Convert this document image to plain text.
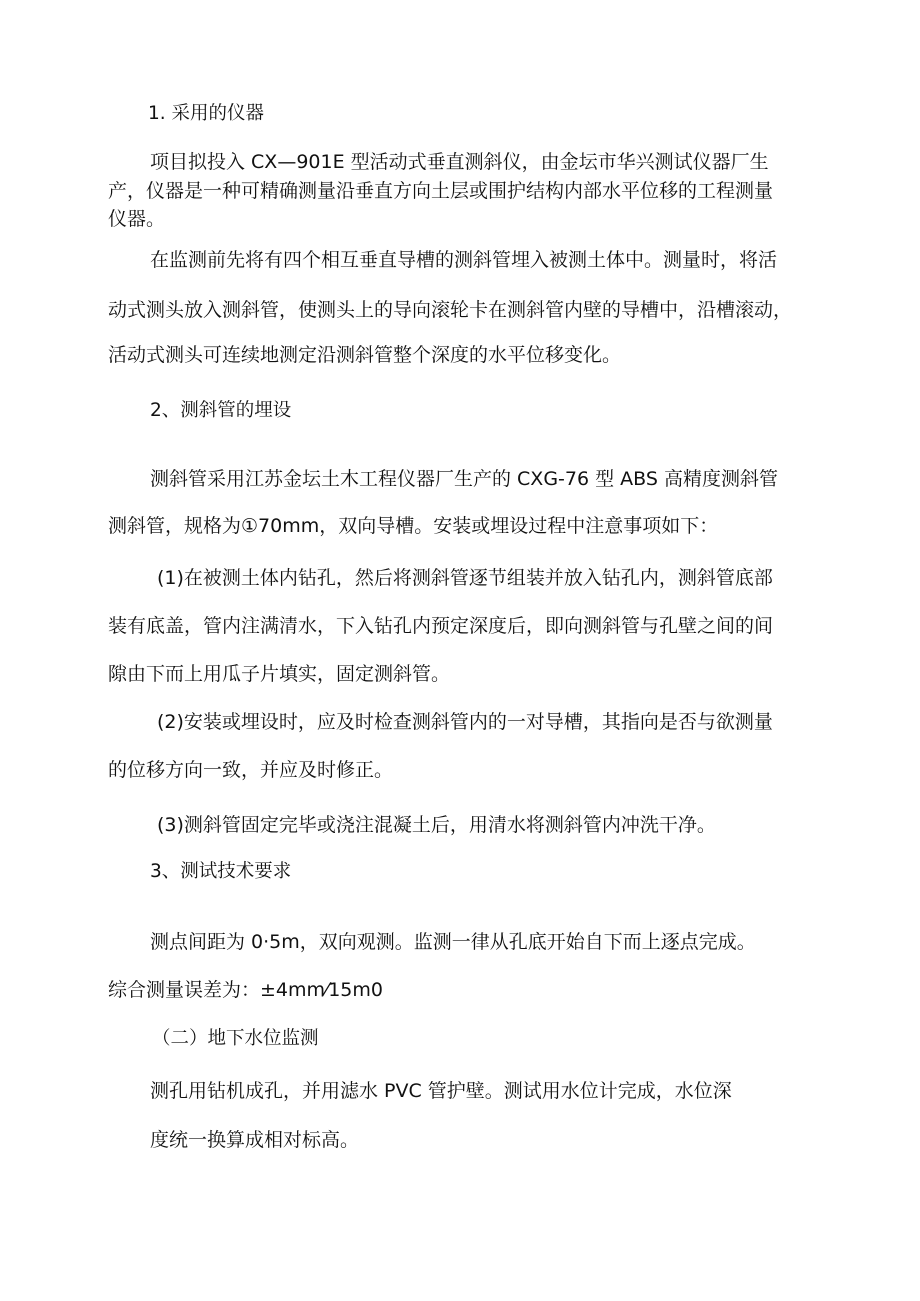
1. 采用的仪器

项目拟投入 CX—901E 型活动式垂直测斜仪，由金坛市华兴测试仪器厂生

产，仪器是一种可精确测量沿垂直方向土层或围护结构内部水平位移的工程测量

仪器。

在监测前先将有四个相互垂直导槽的测斜管埋入被测土体中。测量时，将活

动式测头放入测斜管，使测头上的导向滚轮卡在测斜管内壁的导槽中，沿槽滚动，

活动式测头可连续地测定沿测斜管整个深度的水平位移变化。

2、测斜管的埋设

测斜管采用江苏金坛土木工程仪器厂生产的 CXG-76 型 ABS 高精度测斜管

测斜管，规格为①70mm，双向导槽。安装或埋设过程中注意事项如下：

(1)在被测土体内钻孔，然后将测斜管逐节组装并放入钻孔内，测斜管底部

装有底盖，管内注满清水，下入钻孔内预定深度后，即向测斜管与孔壁之间的间

隙由下而上用瓜子片填实，固定测斜管。

(2)安装或埋设时，应及时检查测斜管内的一对导槽，其指向是否与欲测量

的位移方向一致，并应及时修正。

(3)测斜管固定完毕或浇注混凝土后，用清水将测斜管内冲洗干净。

3、测试技术要求

测点间距为 0·5m，双向观测。监测一律从孔底开始自下而上逐点完成。

综合测量误差为：±4mm⁄15m0

（二）地下水位监测

测孔用钻机成孔，并用滤水 PVC 管护壁。测试用水位计完成，水位深

度统一换算成相对标高。
